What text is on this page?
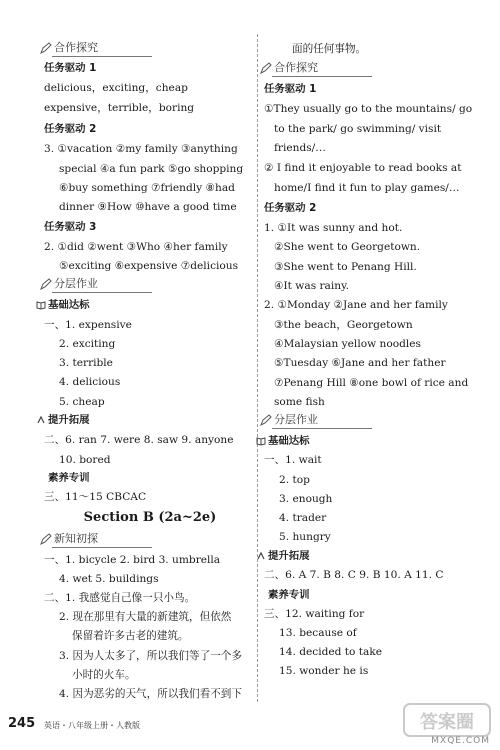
合作探究
任务驱动 1
delicious，exciting，cheap
expensive，terrible，boring
任务驱动 2
3. ①vacation ②my family ③anything
special ④a fun park ⑤go shopping
⑥buy something ⑦friendly ⑧had
dinner ⑨How ⑩have a good time
任务驱动 3
2. ①did ②went ③Who ④her family
⑤exciting ⑥expensive ⑦delicious
分层作业
基础达标
一、1. expensive
2. exciting
3. terrible
4. delicious
5. cheap
提升拓展
二、6. ran 7. were 8. saw 9. anyone
10. bored
素养专训
三、11～15 CBCAC
Section B (2a~2e)
新知初探
一、1. bicycle 2. bird 3. umbrella
4. wet 5. buildings
二、1. 我感觉自己像一只小鸟。
2. 现在那里有大量的新建筑，但依然
保留着许多古老的建筑。
3. 因为人太多了，所以我们等了一个多
小时的火车。
4. 因为恶劣的天气，所以我们看不到下
面的任何事物。
合作探究
任务驱动 1
①They usually go to the mountains/ go
to the park/ go swimming/ visit
friends/…
② I find it enjoyable to read books at
home/I find it fun to play games/…
任务驱动 2
1. ①It was sunny and hot.
②She went to Georgetown.
③She went to Penang Hill.
④It was rainy.
2. ①Monday ②Jane and her family
③the beach，Georgetown
④Malaysian yellow noodles
⑤Tuesday ⑥Jane and her father
⑦Penang Hill ⑧one bowl of rice and
some fish
分层作业
基础达标
一、1. wait
2. top
3. enough
4. trader
5. hungry
提升拓展
二、6. A 7. B 8. C 9. B 10. A 11. C
素养专训
三、12. waiting for
13. because of
14. decided to take
15. wonder he is
245 英语・八年级上册・人教版	答案圈
MXQE.COM
